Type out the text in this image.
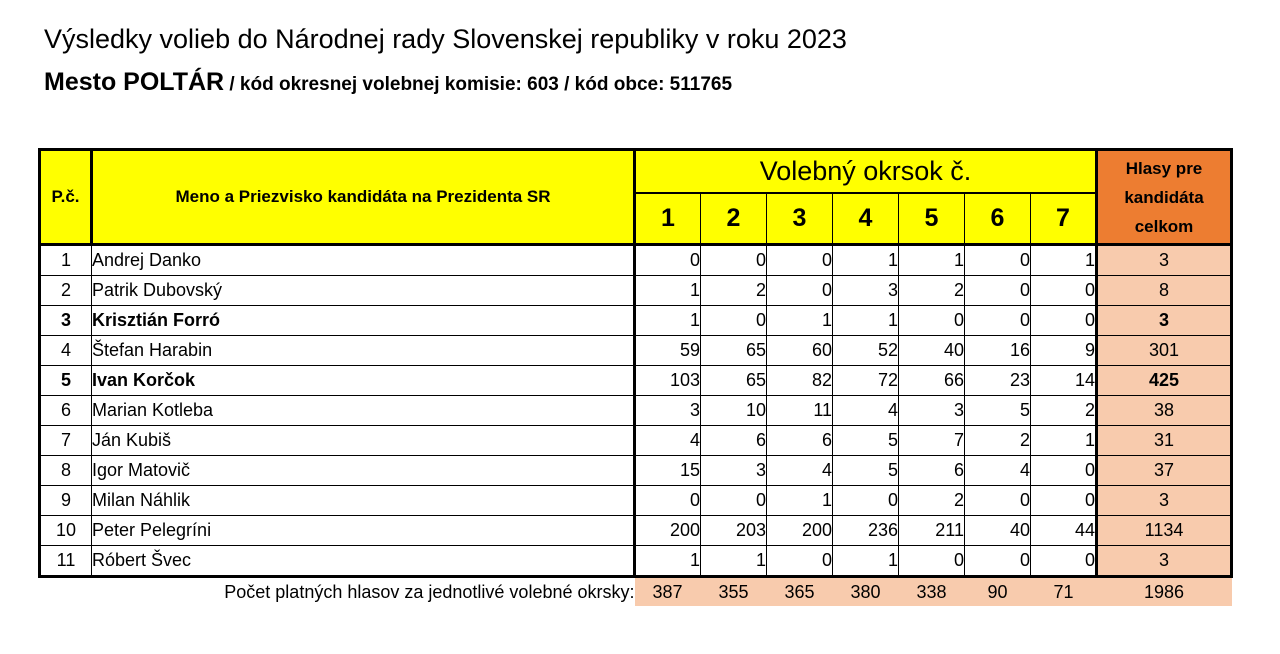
Výsledky volieb do Národnej rady Slovenskej republiky v roku 2023
Mesto POLTÁR / kód okresnej volebnej komisie: 603 / kód obce: 511765
P.č.	Meno a Priezvisko kandidáta na Prezidenta SR	Volebný okrsok č.							Hlasy pre kandidáta celkom
		1	2	3	4	5	6	7	
1	Andrej Danko	0	0	0	1	1	0	1	3
2	Patrik Dubovský	1	2	0	3	2	0	0	8
3	Krisztián Forró	1	0	1	1	0	0	0	3
4	Štefan Harabin	59	65	60	52	40	16	9	301
5	Ivan Korčok	103	65	82	72	66	23	14	425
6	Marian Kotleba	3	10	11	4	3	5	2	38
7	Ján Kubiš	4	6	6	5	7	2	1	31
8	Igor Matovič	15	3	4	5	6	4	0	37
9	Milan Náhlik	0	0	1	0	2	0	0	3
10	Peter Pelegríni	200	203	200	236	211	40	44	1134
11	Róbert Švec	1	1	0	1	0	0	0	3
Počet platných hlasov za jednotlivé volebné okrsky:		387	355	365	380	338	90	71	1986
